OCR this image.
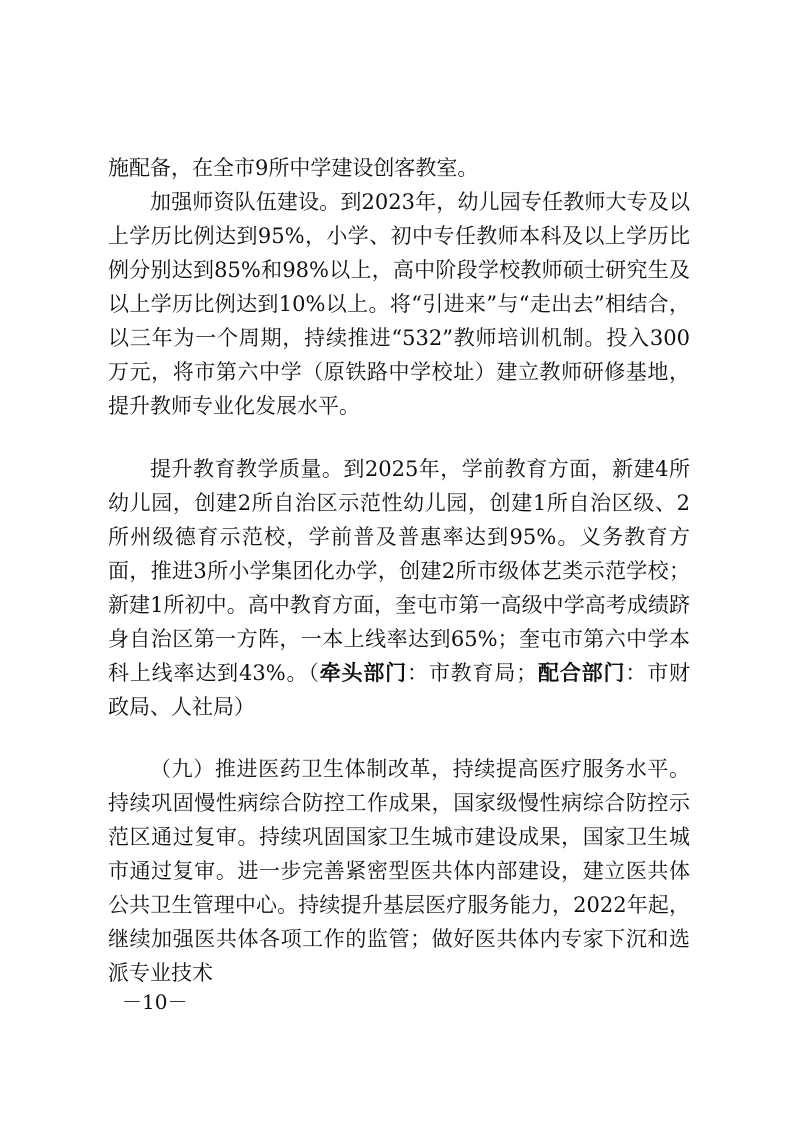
施配备，在全市9所中学建设创客教室。

加强师资队伍建设。到2023年，幼儿园专任教师大专及以上学历比例达到95%，小学、初中专任教师本科及以上学历比例分别达到85%和98%以上，高中阶段学校教师硕士研究生及以上学历比例达到10%以上。将“引进来”与“走出去”相结合，以三年为一个周期，持续推进“532”教师培训机制。投入300万元，将市第六中学（原铁路中学校址）建立教师研修基地，提升教师专业化发展水平。

提升教育教学质量。到2025年，学前教育方面，新建4所幼儿园，创建2所自治区示范性幼儿园，创建1所自治区级、2所州级德育示范校，学前普及普惠率达到95%。义务教育方面，推进3所小学集团化办学，创建2所市级体艺类示范学校；新建1所初中。高中教育方面，奎屯市第一高级中学高考成绩跻身自治区第一方阵，一本上线率达到65%；奎屯市第六中学本科上线率达到43%。（牵头部门：市教育局；配合部门：市财政局、人社局）

（九）推进医药卫生体制改革，持续提高医疗服务水平。持续巩固慢性病综合防控工作成果，国家级慢性病综合防控示范区通过复审。持续巩固国家卫生城市建设成果，国家卫生城市通过复审。进一步完善紧密型医共体内部建设，建立医共体公共卫生管理中心。持续提升基层医疗服务能力，2022年起，继续加强医共体各项工作的监管；做好医共体内专家下沉和选派专业技术

－10－
